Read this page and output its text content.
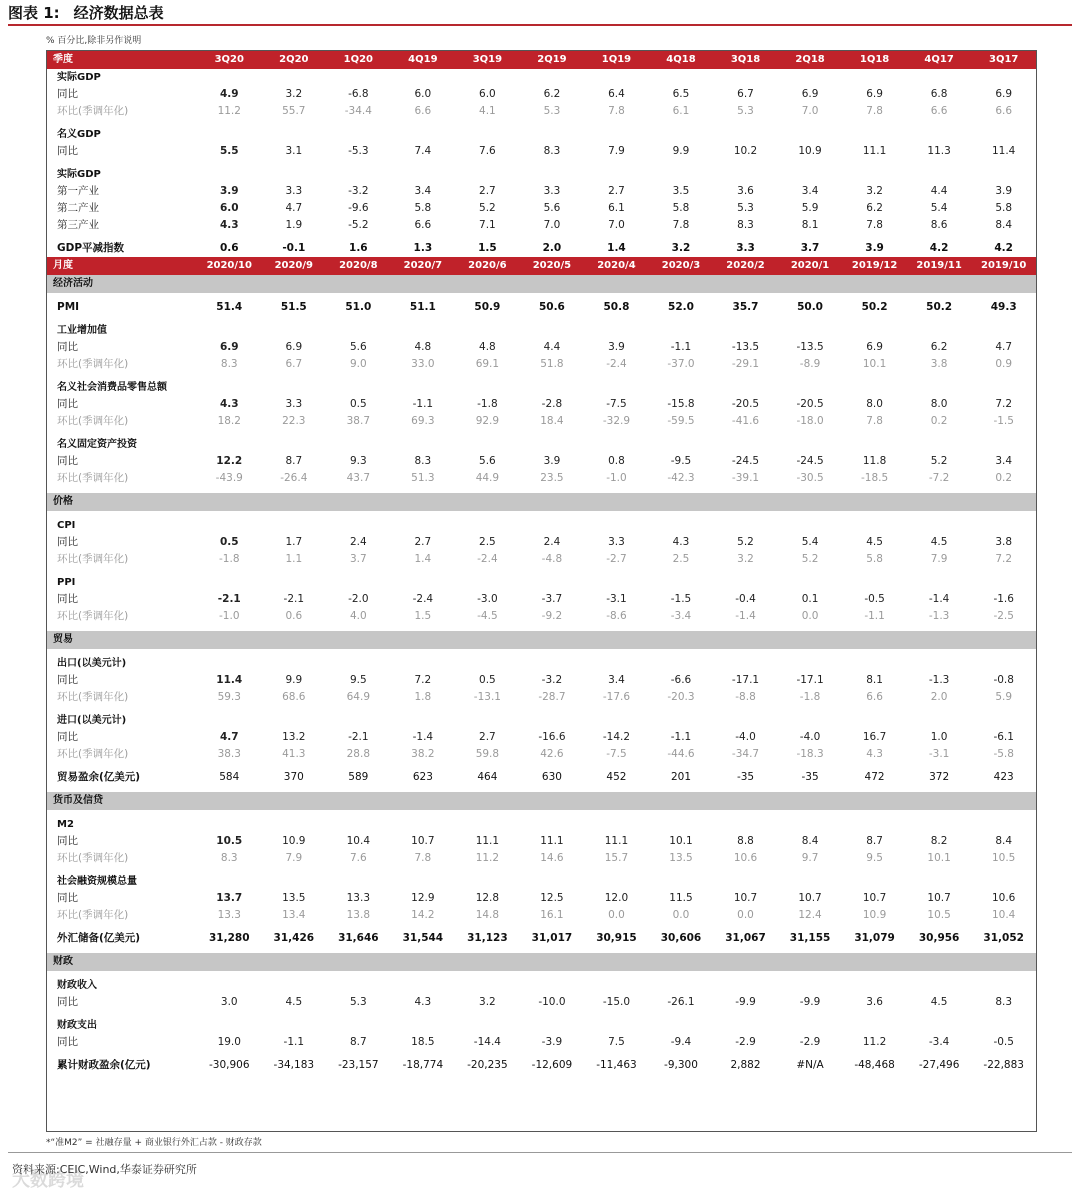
图表 1: 经济数据总表
% 百分比,除非另作说明
季度	3Q20	2Q20	1Q20	4Q19	3Q19	2Q19	1Q19	4Q18	3Q18	2Q18	1Q18	4Q17	3Q17
实际GDP													
同比	4.9	3.2	-6.8	6.0	6.0	6.2	6.4	6.5	6.7	6.9	6.9	6.8	6.9
环比(季调年化)	11.2	55.7	-34.4	6.6	4.1	5.3	7.8	6.1	5.3	7.0	7.8	6.6	6.6

名义GDP													
同比	5.5	3.1	-5.3	7.4	7.6	8.3	7.9	9.9	10.2	10.9	11.1	11.3	11.4

实际GDP													
第一产业	3.9	3.3	-3.2	3.4	2.7	3.3	2.7	3.5	3.6	3.4	3.2	4.4	3.9
第二产业	6.0	4.7	-9.6	5.8	5.2	5.6	6.1	5.8	5.3	5.9	6.2	5.4	5.8
第三产业	4.3	1.9	-5.2	6.6	7.1	7.0	7.0	7.8	8.3	8.1	7.8	8.6	8.4

GDP平减指数	0.6	-0.1	1.6	1.3	1.5	2.0	1.4	3.2	3.3	3.7	3.9	4.2	4.2
月度	2020/10	2020/9	2020/8	2020/7	2020/6	2020/5	2020/4	2020/3	2020/2	2020/1	2019/12	2019/11	2019/10
经济活动													

PMI	51.4	51.5	51.0	51.1	50.9	50.6	50.8	52.0	35.7	50.0	50.2	50.2	49.3

工业增加值													
同比	6.9	6.9	5.6	4.8	4.8	4.4	3.9	-1.1	-13.5	-13.5	6.9	6.2	4.7
环比(季调年化)	8.3	6.7	9.0	33.0	69.1	51.8	-2.4	-37.0	-29.1	-8.9	10.1	3.8	0.9

名义社会消费品零售总额													
同比	4.3	3.3	0.5	-1.1	-1.8	-2.8	-7.5	-15.8	-20.5	-20.5	8.0	8.0	7.2
环比(季调年化)	18.2	22.3	38.7	69.3	92.9	18.4	-32.9	-59.5	-41.6	-18.0	7.8	0.2	-1.5

名义固定资产投资													
同比	12.2	8.7	9.3	8.3	5.6	3.9	0.8	-9.5	-24.5	-24.5	11.8	5.2	3.4
环比(季调年化)	-43.9	-26.4	43.7	51.3	44.9	23.5	-1.0	-42.3	-39.1	-30.5	-18.5	-7.2	0.2

价格													

CPI													
同比	0.5	1.7	2.4	2.7	2.5	2.4	3.3	4.3	5.2	5.4	4.5	4.5	3.8
环比(季调年化)	-1.8	1.1	3.7	1.4	-2.4	-4.8	-2.7	2.5	3.2	5.2	5.8	7.9	7.2

PPI													
同比	-2.1	-2.1	-2.0	-2.4	-3.0	-3.7	-3.1	-1.5	-0.4	0.1	-0.5	-1.4	-1.6
环比(季调年化)	-1.0	0.6	4.0	1.5	-4.5	-9.2	-8.6	-3.4	-1.4	0.0	-1.1	-1.3	-2.5

贸易													

出口(以美元计)													
同比	11.4	9.9	9.5	7.2	0.5	-3.2	3.4	-6.6	-17.1	-17.1	8.1	-1.3	-0.8
环比(季调年化)	59.3	68.6	64.9	1.8	-13.1	-28.7	-17.6	-20.3	-8.8	-1.8	6.6	2.0	5.9

进口(以美元计)													
同比	4.7	13.2	-2.1	-1.4	2.7	-16.6	-14.2	-1.1	-4.0	-4.0	16.7	1.0	-6.1
环比(季调年化)	38.3	41.3	28.8	38.2	59.8	42.6	-7.5	-44.6	-34.7	-18.3	4.3	-3.1	-5.8

贸易盈余(亿美元)	584	370	589	623	464	630	452	201	-35	-35	472	372	423

货币及信贷													

M2													
同比	10.5	10.9	10.4	10.7	11.1	11.1	11.1	10.1	8.8	8.4	8.7	8.2	8.4
环比(季调年化)	8.3	7.9	7.6	7.8	11.2	14.6	15.7	13.5	10.6	9.7	9.5	10.1	10.5

社会融资规模总量													
同比	13.7	13.5	13.3	12.9	12.8	12.5	12.0	11.5	10.7	10.7	10.7	10.7	10.6
环比(季调年化)	13.3	13.4	13.8	14.2	14.8	16.1	0.0	0.0	0.0	12.4	10.9	10.5	10.4

外汇储备(亿美元)	31,280	31,426	31,646	31,544	31,123	31,017	30,915	30,606	31,067	31,155	31,079	30,956	31,052

财政													

财政收入													
同比	3.0	4.5	5.3	4.3	3.2	-10.0	-15.0	-26.1	-9.9	-9.9	3.6	4.5	8.3

财政支出													
同比	19.0	-1.1	8.7	18.5	-14.4	-3.9	7.5	-9.4	-2.9	-2.9	11.2	-3.4	-0.5

累计财政盈余(亿元)	-30,906	-34,183	-23,157	-18,774	-20,235	-12,609	-11,463	-9,300	2,882	#N/A	-48,468	-27,496	-22,883
*“准M2” = 社融存量 + 商业银行外汇占款 - 财政存款
大数跨境
资料来源:CEIC,Wind,华泰证券研究所
